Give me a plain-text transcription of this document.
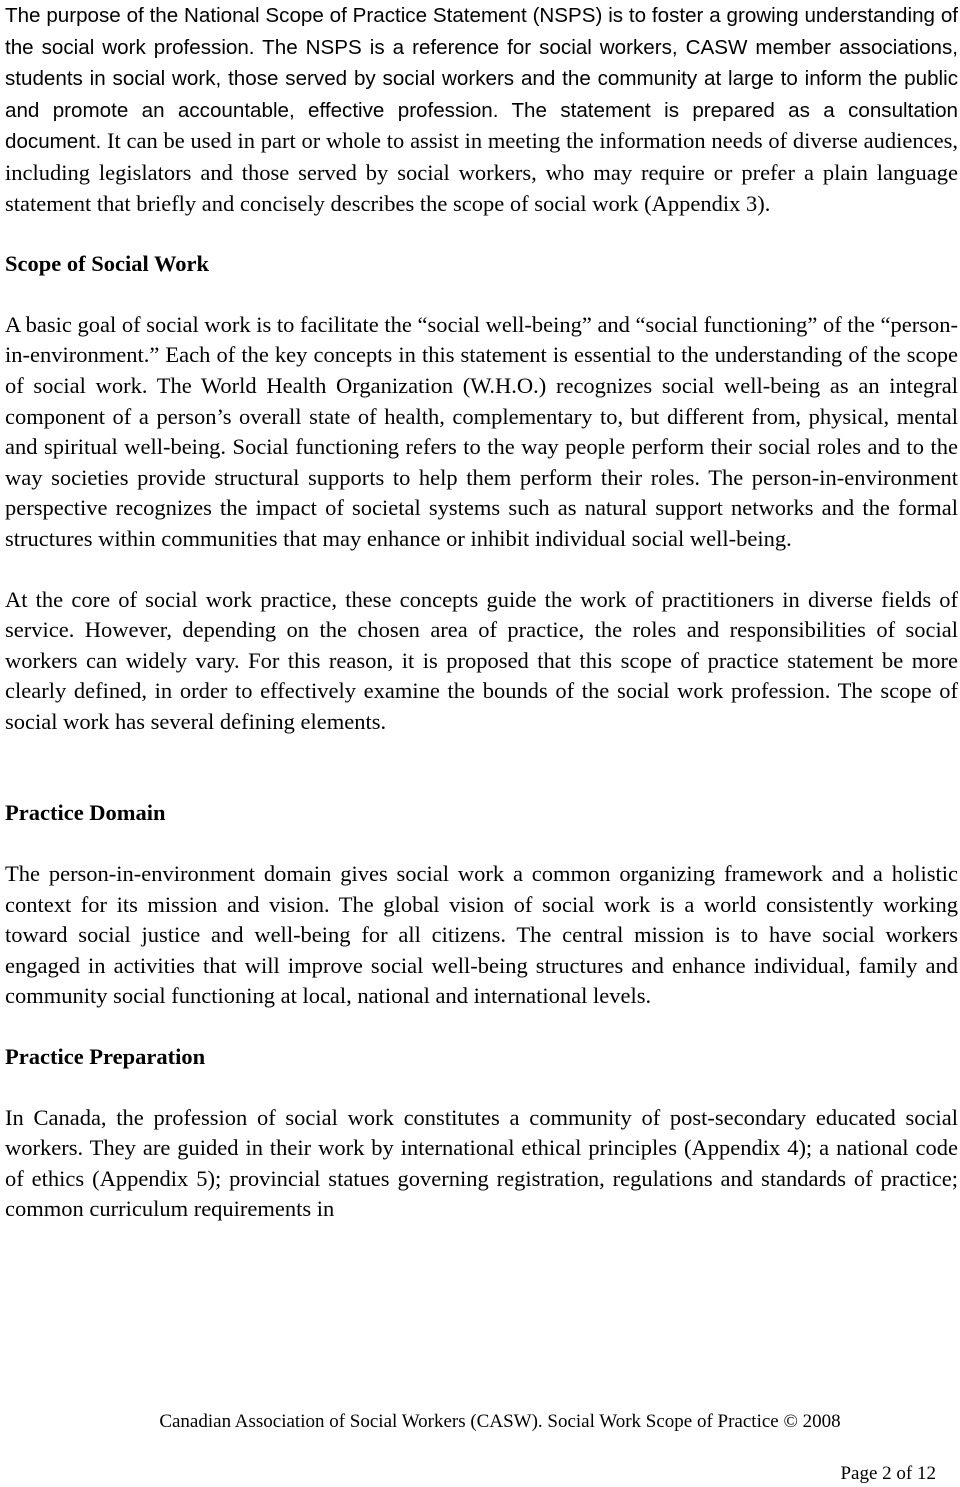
The purpose of the National Scope of Practice Statement (NSPS) is to foster a growing understanding of the social work profession. The NSPS is a reference for social workers, CASW member associations, students in social work, those served by social workers and the community at large to inform the public and promote an accountable, effective profession. The statement is prepared as a consultation document. It can be used in part or whole to assist in meeting the information needs of diverse audiences, including legislators and those served by social workers, who may require or prefer a plain language statement that briefly and concisely describes the scope of social work (Appendix 3).

Scope of Social Work

A basic goal of social work is to facilitate the “social well-being” and “social functioning” of the “person-in-environment.” Each of the key concepts in this statement is essential to the understanding of the scope of social work. The World Health Organization (W.H.O.) recognizes social well-being as an integral component of a person’s overall state of health, complementary to, but different from, physical, mental and spiritual well-being. Social functioning refers to the way people perform their social roles and to the way societies provide structural supports to help them perform their roles. The person-in-environment perspective recognizes the impact of societal systems such as natural support networks and the formal structures within communities that may enhance or inhibit individual social well-being.

At the core of social work practice, these concepts guide the work of practitioners in diverse fields of service. However, depending on the chosen area of practice, the roles and responsibilities of social workers can widely vary. For this reason, it is proposed that this scope of practice statement be more clearly defined, in order to effectively examine the bounds of the social work profession. The scope of social work has several defining elements.

Practice Domain

The person-in-environment domain gives social work a common organizing framework and a holistic context for its mission and vision. The global vision of social work is a world consistently working toward social justice and well-being for all citizens. The central mission is to have social workers engaged in activities that will improve social well-being structures and enhance individual, family and community social functioning at local, national and international levels.

Practice Preparation

In Canada, the profession of social work constitutes a community of post-secondary educated social workers. They are guided in their work by international ethical principles (Appendix 4); a national code of ethics (Appendix 5); provincial statues governing registration, regulations and standards of practice; common curriculum requirements in

Canadian Association of Social Workers (CASW). Social Work Scope of Practice © 2008
Page 2 of 12
